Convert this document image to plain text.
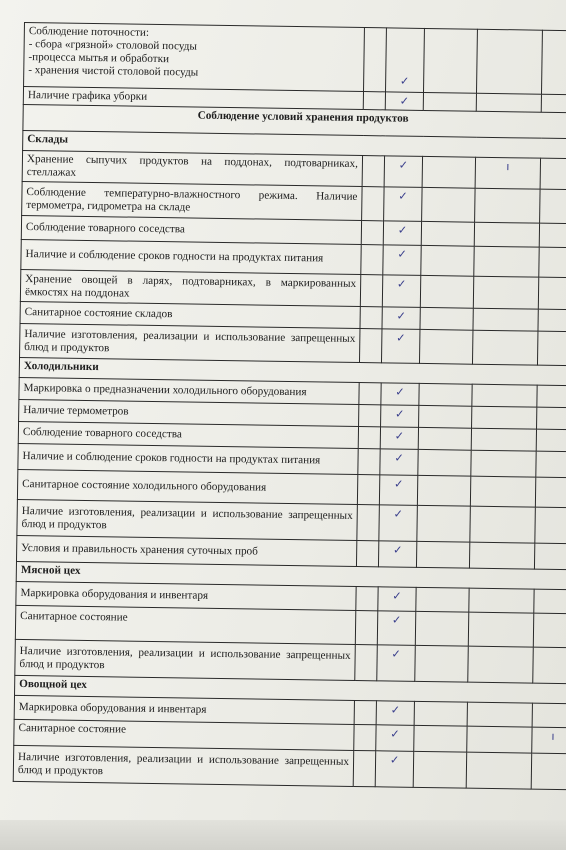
Соблюдение поточности:
- сбора «грязной» столовой посуды
-процесса мытья и обработки
- хранения чистой столовой посуды		✓			
Наличие графика уборки		✓			
Соблюдение условий хранения продуктов					
Склады					
Хранение сыпучих продуктов на поддонах, подтоварниках, стеллажах		✓		ı	
Соблюдение температурно-влажностного режима. Наличие термометра, гидрометра на складе		✓			
Соблюдение товарного соседства		✓			
Наличие и соблюдение сроков годности на продуктах питания		✓			
Хранение овощей в ларях, подтоварниках, в маркированных ёмкостях на поддонах		✓			
Санитарное состояние складов		✓			
Наличие изготовления, реализации и использование запрещенных блюд и продуктов		✓			
Холодильники					
Маркировка о предназначении холодильного оборудования		✓			
Наличие термометров		✓			
Соблюдение товарного соседства		✓			
Наличие и соблюдение сроков годности на продуктах питания		✓			
Санитарное состояние холодильного оборудования		✓			
Наличие изготовления, реализации и использование запрещенных блюд и продуктов		✓			
Условия и правильность хранения суточных проб		✓			
Мясной цех					
Маркировка оборудования и инвентаря		✓			
Санитарное состояние		✓			
Наличие изготовления, реализации и использование запрещенных блюд и продуктов		✓			
Овощной цех					
Маркировка оборудования и инвентаря		✓			
Санитарное состояние		✓			ı
Наличие изготовления, реализации и использование запрещенных блюд и продуктов		✓			
